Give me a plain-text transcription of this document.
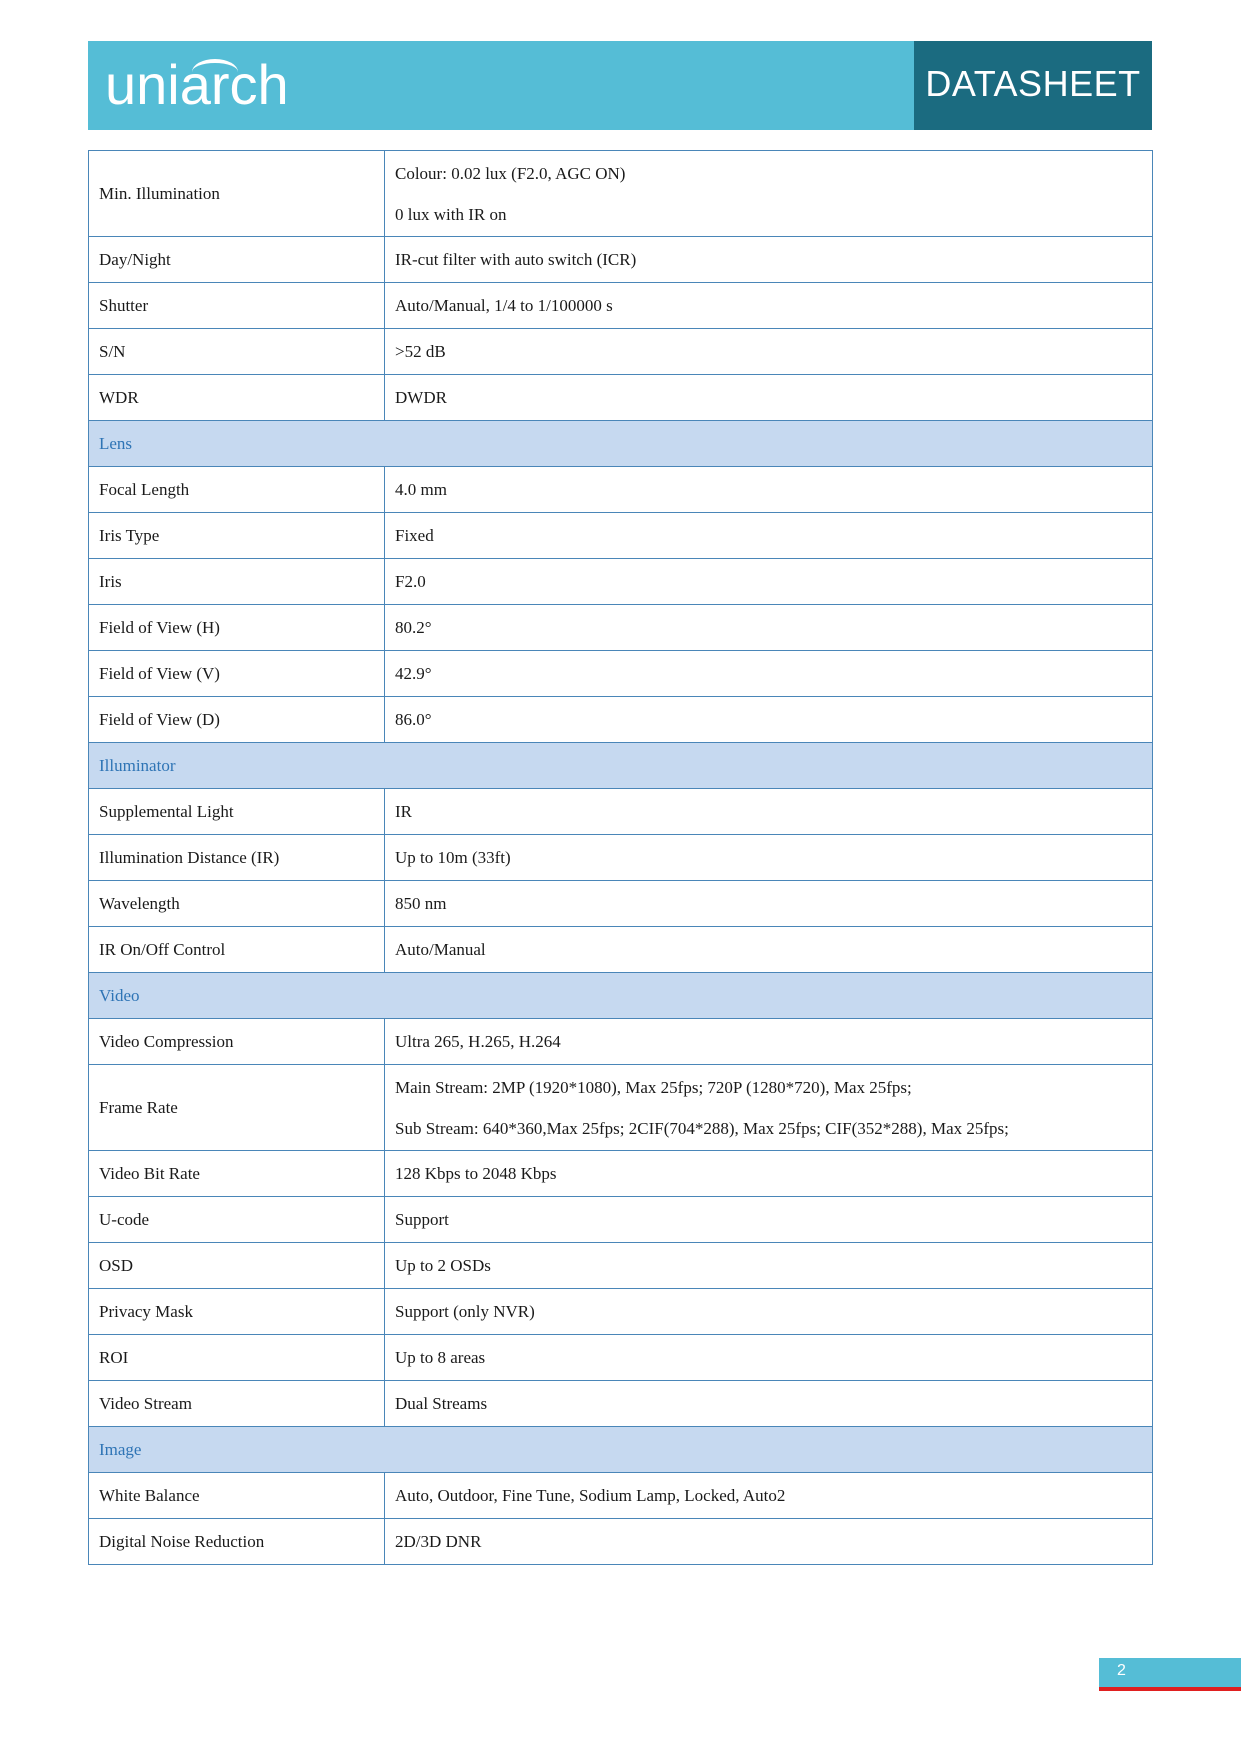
uniarch	DATASHEET
Min. Illumination	Colour: 0.02 lux (F2.0, AGC ON)
0 lux with IR on

Day/Night	IR-cut filter with auto switch (ICR)
Shutter	Auto/Manual, 1/4 to 1/100000 s
S/N	>52 dB
WDR	DWDR
Lens	
Focal Length	4.0 mm
Iris Type	Fixed
Iris	F2.0
Field of View (H)	80.2°
Field of View (V)	42.9°
Field of View (D)	86.0°
Illuminator	
Supplemental Light	IR
Illumination Distance (IR)	Up to 10m (33ft)
Wavelength	850 nm
IR On/Off Control	Auto/Manual
Video	
Video Compression	Ultra 265, H.265, H.264
Frame Rate	Main Stream: 2MP (1920*1080), Max 25fps; 720P (1280*720), Max 25fps;
Sub Stream: 640*360,Max 25fps; 2CIF(704*288), Max 25fps; CIF(352*288), Max 25fps;

Video Bit Rate	128 Kbps to 2048 Kbps
U-code	Support
OSD	Up to 2 OSDs
Privacy Mask	Support (only NVR)
ROI	Up to 8 areas
Video Stream	Dual Streams
Image	
White Balance	Auto, Outdoor, Fine Tune, Sodium Lamp, Locked, Auto2
Digital Noise Reduction	2D/3D DNR
2
